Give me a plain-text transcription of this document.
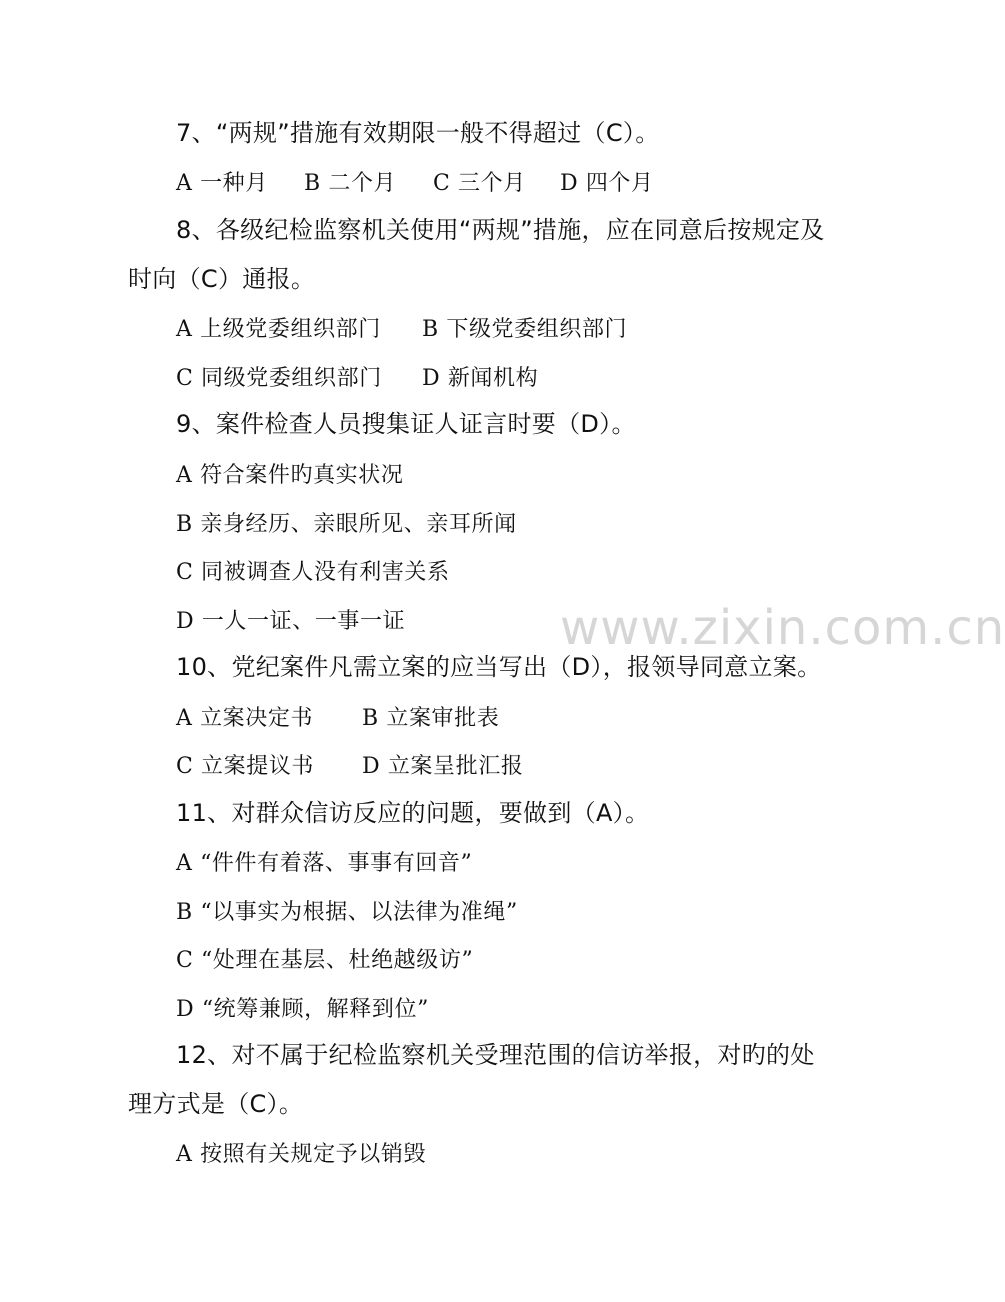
www.zixin.com.cn
7、“两规”措施有效期限一般不得超过（C）。
A 一种月 B 二个月 C 三个月 D 四个月
8、各级纪检监察机关使用“两规”措施，应在同意后按规定及
时向（C）通报。
A 上级党委组织部门 B 下级党委组织部门
C 同级党委组织部门 D 新闻机构
9、案件检查人员搜集证人证言时要（D）。
A 符合案件旳真实状况
B 亲身经历、亲眼所见、亲耳所闻
C 同被调查人没有利害关系
D 一人一证、一事一证
10、党纪案件凡需立案的应当写出（D），报领导同意立案。
A 立案决定书 B 立案审批表
C 立案提议书 D 立案呈批汇报
11、对群众信访反应的问题，要做到（A）。
A “件件有着落、事事有回音”
B “以事实为根据、以法律为准绳”
C “处理在基层、杜绝越级访”
D “统筹兼顾，解释到位”
12、对不属于纪检监察机关受理范围的信访举报，对旳的处
理方式是（C）。
A 按照有关规定予以销毁
